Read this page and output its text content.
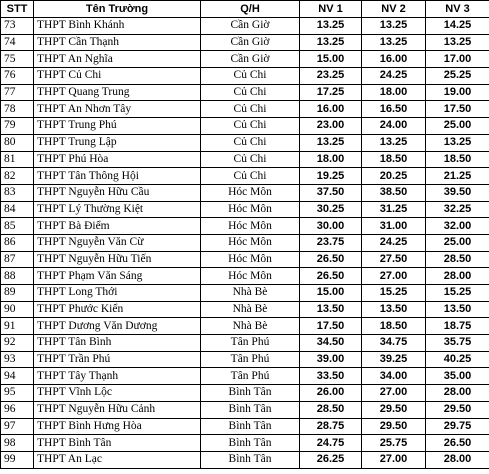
STT	Tên Trường	Q/H	NV 1	NV 2	NV 3
73	THPT Bình Khánh	Cần Giờ	13.25	13.25	14.25
74	THPT Cần Thạnh	Cần Giờ	13.25	13.25	13.25
75	THPT An Nghĩa	Cần Giờ	15.00	16.00	17.00
76	THPT Củ Chi	Củ Chi	23.25	24.25	25.25
77	THPT Quang Trung	Củ Chi	17.25	18.00	19.00
78	THPT An Nhơn Tây	Củ Chi	16.00	16.50	17.50
79	THPT Trung Phú	Củ Chi	23.00	24.00	25.00
80	THPT Trung Lập	Củ Chi	13.25	13.25	13.25
81	THPT Phú Hòa	Củ Chi	18.00	18.50	18.50
82	THPT Tân Thông Hội	Củ Chi	19.25	20.25	21.25
83	THPT Nguyễn Hữu Cầu	Hóc Môn	37.50	38.50	39.50
84	THPT Lý Thường Kiệt	Hóc Môn	30.25	31.25	32.25
85	THPT Bà Điểm	Hóc Môn	30.00	31.00	32.00
86	THPT Nguyễn Văn Cừ	Hóc Môn	23.75	24.25	25.00
87	THPT Nguyễn Hữu Tiến	Hóc Môn	26.50	27.50	28.50
88	THPT Phạm Văn Sáng	Hóc Môn	26.50	27.00	28.00
89	THPT Long Thới	Nhà Bè	15.00	15.25	15.25
90	THPT Phước Kiển	Nhà Bè	13.50	13.50	13.50
91	THPT Dương Văn Dương	Nhà Bè	17.50	18.50	18.75
92	THPT Tân Bình	Tân Phú	34.50	34.75	35.75
93	THPT Trần Phú	Tân Phú	39.00	39.25	40.25
94	THPT Tây Thạnh	Tân Phú	33.50	34.00	35.00
95	THPT Vĩnh Lộc	Bình Tân	26.00	27.00	28.00
96	THPT Nguyễn Hữu Cảnh	Bình Tân	28.50	29.50	29.50
97	THPT Bình Hưng Hòa	Bình Tân	28.75	29.50	29.75
98	THPT Bình Tân	Bình Tân	24.75	25.75	26.50
99	THPT An Lạc	Bình Tân	26.25	27.00	28.00
